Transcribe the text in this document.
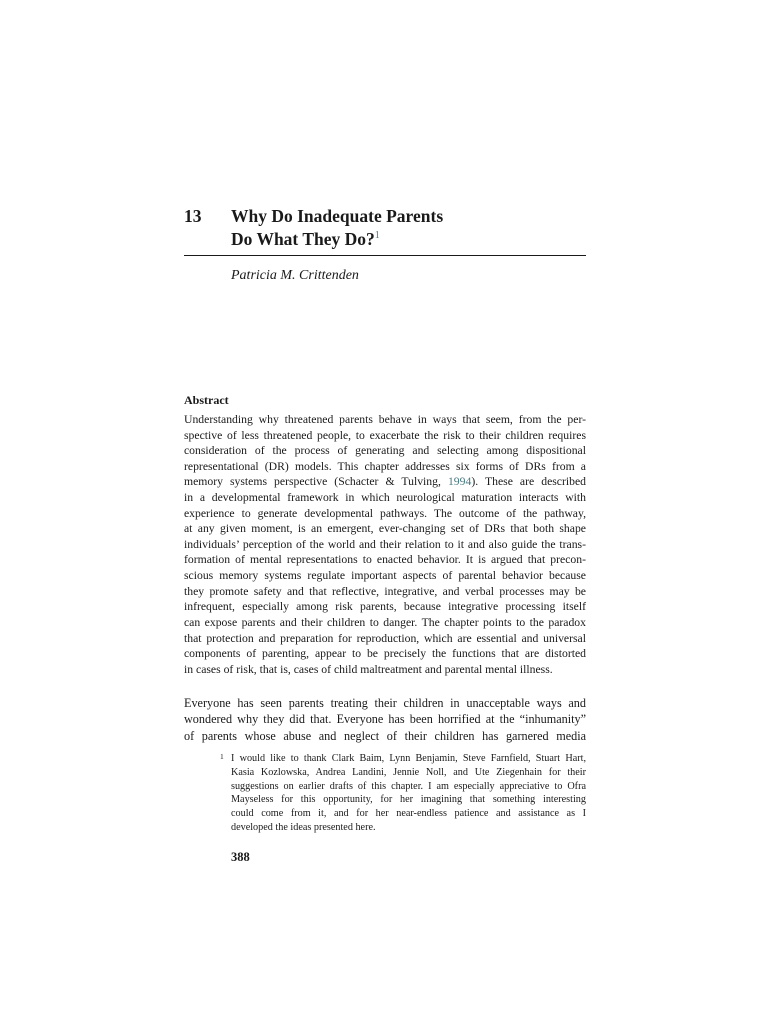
13 Why Do Inadequate Parents
Do What They Do?$^1$
Patricia M. Crittenden
Abstract
Understanding why threatened parents behave in ways that seem, from the per-
spective of less threatened people, to exacerbate the risk to their children requires
consideration of the process of generating and selecting among dispositional
representational (DR) models. This chapter addresses six forms of DRs from a
memory systems perspective (Schacter & Tulving, 1994). These are described
in a developmental framework in which neurological maturation interacts with
experience to generate developmental pathways. The outcome of the pathway,
at any given moment, is an emergent, ever-changing set of DRs that both shape
individuals’ perception of the world and their relation to it and also guide the trans-
formation of mental representations to enacted behavior. It is argued that precon-
scious memory systems regulate important aspects of parental behavior because
they promote safety and that reflective, integrative, and verbal processes may be
infrequent, especially among risk parents, because integrative processing itself
can expose parents and their children to danger. The chapter points to the paradox
that protection and preparation for reproduction, which are essential and universal
components of parenting, appear to be precisely the functions that are distorted
in cases of risk, that is, cases of child maltreatment and parental mental illness.
Everyone has seen parents treating their children in unacceptable ways and
wondered why they did that. Everyone has been horrified at the “inhumanity”
of parents whose abuse and neglect of their children has garnered media
1 I would like to thank Clark Baim, Lynn Benjamin, Steve Farnfield, Stuart Hart,
Kasia Kozlowska, Andrea Landini, Jennie Noll, and Ute Ziegenhain for their
suggestions on earlier drafts of this chapter. I am especially appreciative to Ofra
Mayseless for this opportunity, for her imagining that something interesting
could come from it, and for her near-endless patience and assistance as I
developed the ideas presented here.
388
